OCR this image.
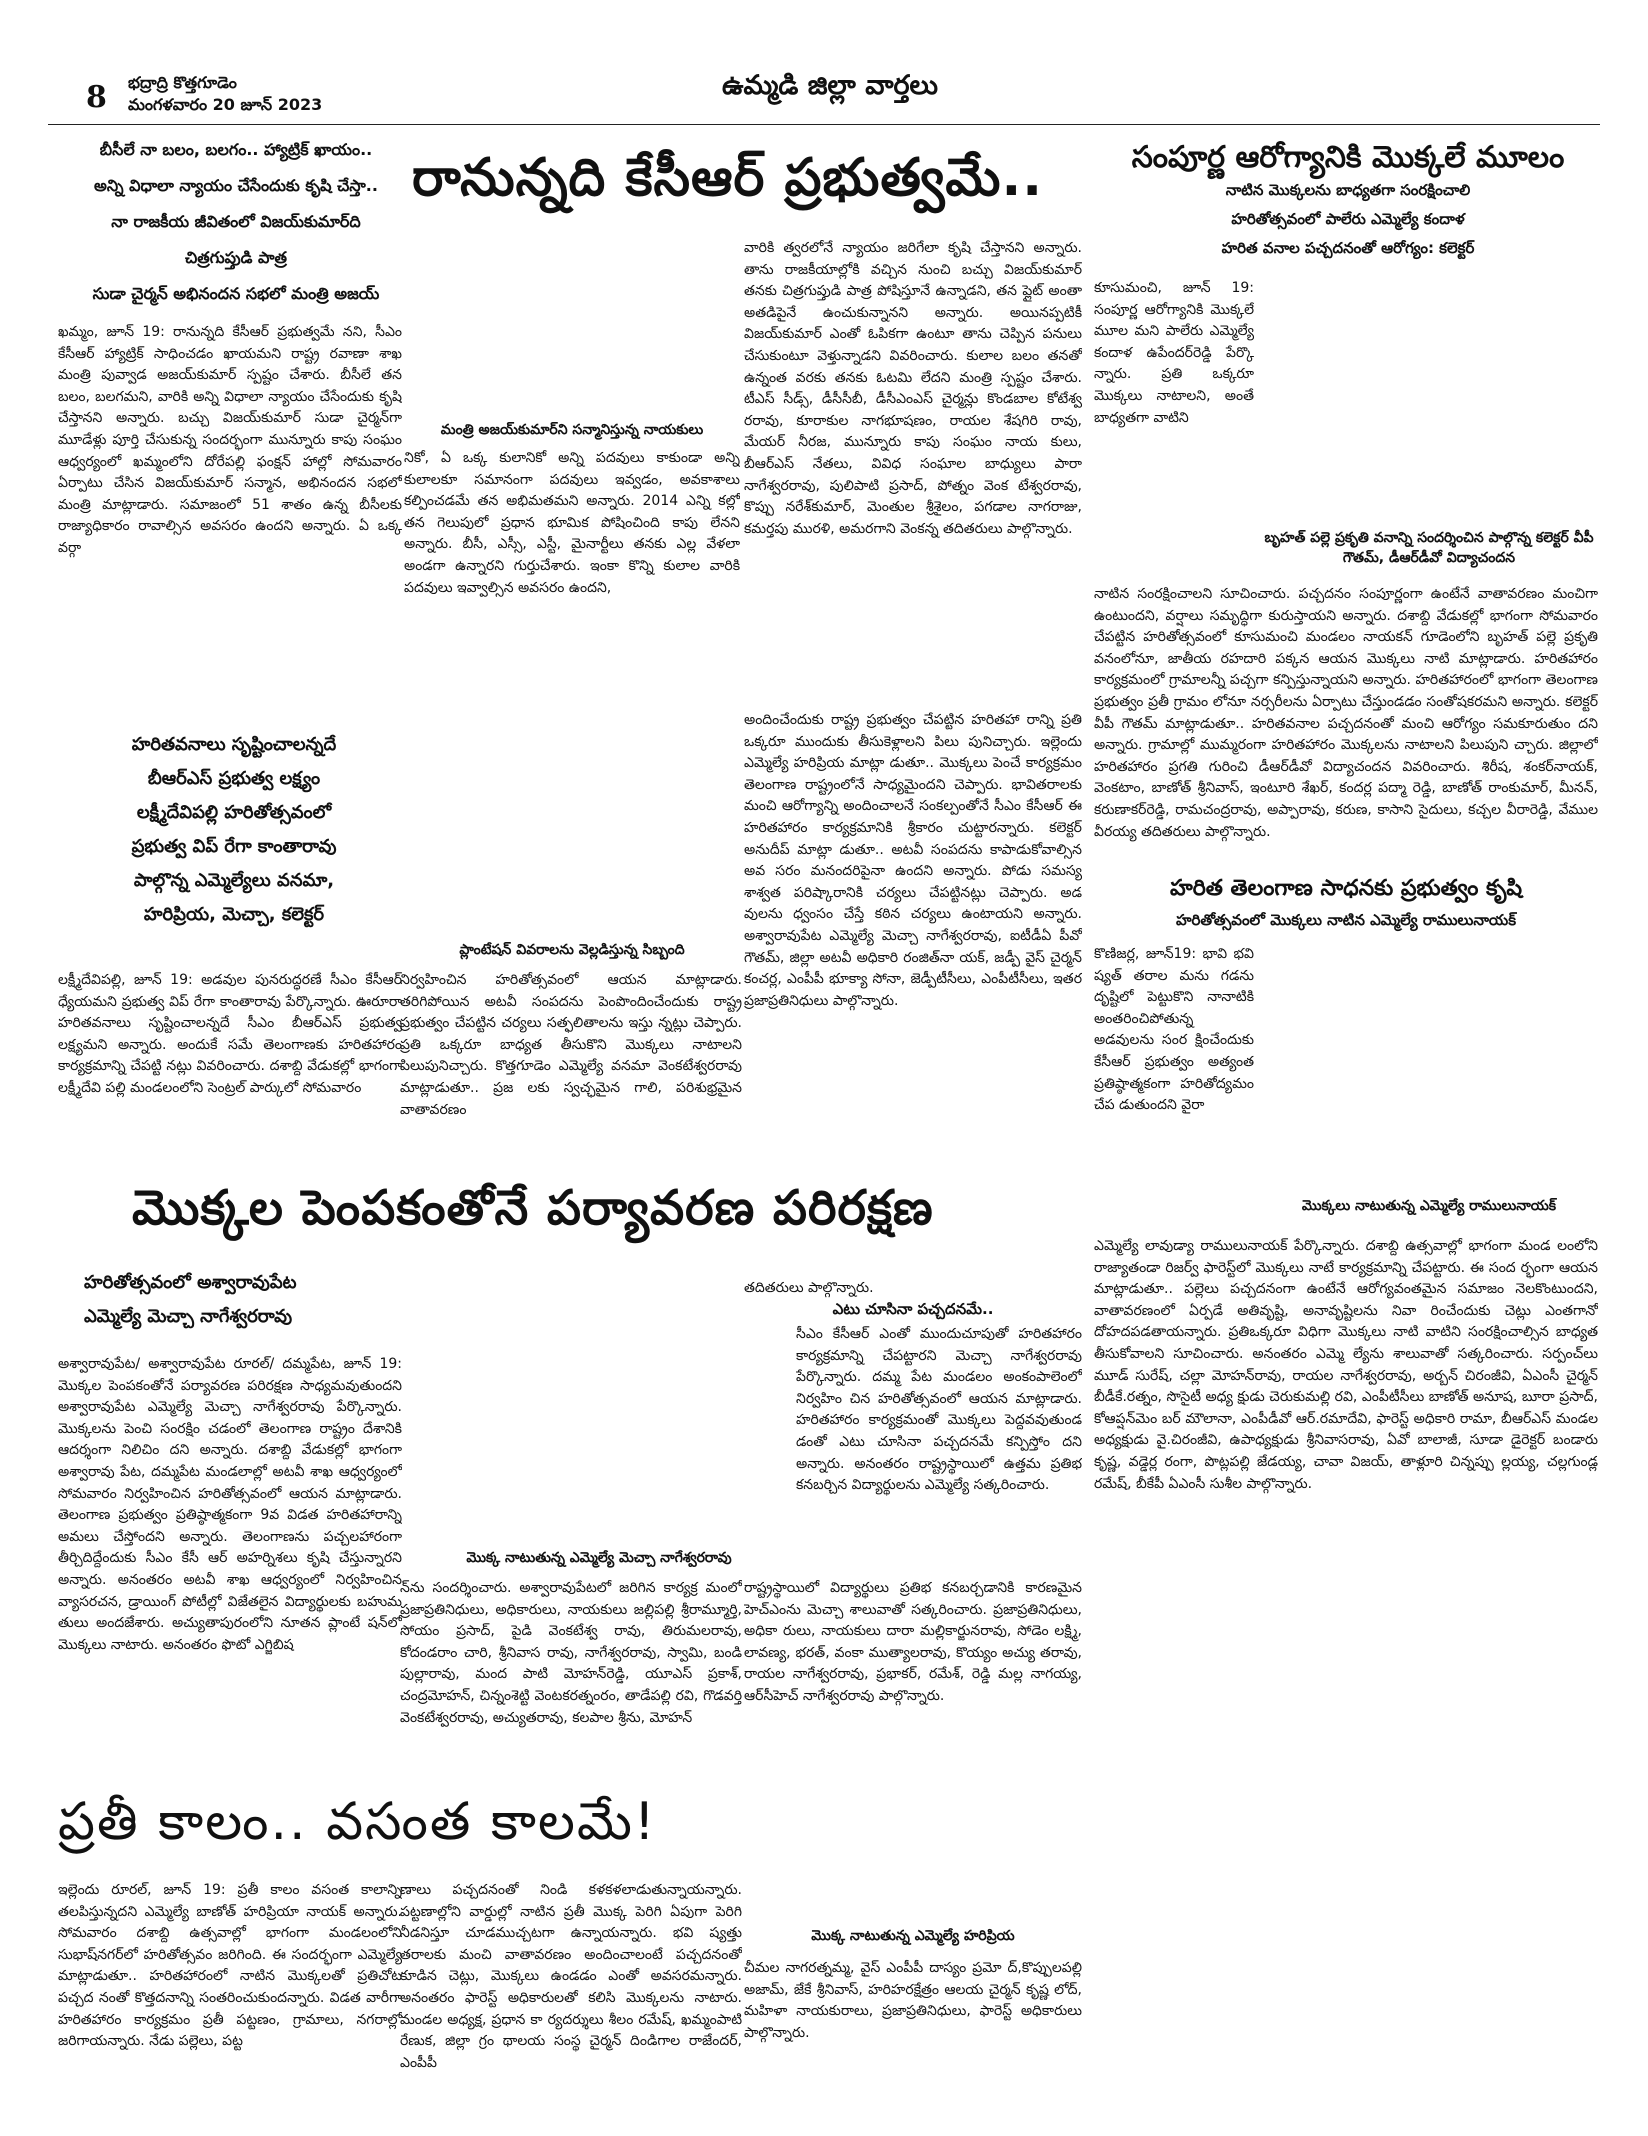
8 భద్రాద్రి కొత్తగూడెం
మంగళవారం 20 జూన్ 2023
ఉమ్మడి జిల్లా వార్తలు

బీసీలే నా బలం, బలగం.. హ్యాట్రిక్ ఖాయం..

అన్ని విధాలా న్యాయం చేసేందుకు కృషి చేస్తా..

నా రాజకీయ జీవితంలో విజయ్‌కుమార్‌ది

చిత్రగుప్తుడి పాత్ర

సుడా చైర్మన్ అభినందన సభలో మంత్రి అజయ్

రానున్నది కేసీఆర్ ప్రభుత్వమే..
ఖమ్మం, జూన్ 19: రానున్నది కేసీఆర్ ప్రభుత్వమే నని, సీఎం కేసీఆర్ హ్యాట్రిక్ సాధించడం ఖాయమని రాష్ట్ర రవాణా శాఖ మంత్రి పువ్వాడ అజయ్‌కుమార్ స్పష్టం చేశారు. బీసీలే తన బలం, బలగమని, వారికి అన్ని విధాలా న్యాయం చేసేందుకు కృషి చేస్తానని అన్నారు. బచ్చు విజయ్‌కుమార్ సుడా చైర్మన్‌గా మూడేళ్లు పూర్తి చేసుకున్న సందర్భంగా మున్నూరు కాపు సంఘం ఆధ్వర్యంలో ఖమ్మంలోని దోరేపల్లి ఫంక్షన్ హాల్లో సోమవారం ఏర్పాటు చేసిన విజయ్‌కుమార్ సన్మాన, అభినందన సభలో మంత్రి మాట్లాడారు. సమాజంలో 51 శాతం ఉన్న బీసీలకు రాజ్యాధికారం రావాల్సిన అవసరం ఉందని అన్నారు. ఏ ఒక్క వర్గా
మంత్రి అజయ్‌కుమార్‌ని సన్మానిస్తున్న నాయకులు
నికో, ఏ ఒక్క కులానికో అన్ని పదవులు కాకుండా అన్ని కులాలకూ సమానంగా పదవులు ఇవ్వడం, అవకాశాలు కల్పించడమే తన అభిమతమని అన్నారు. 2014 ఎన్ని కల్లో తన గెలుపులో ప్రధాన భూమిక పోషించింది కాపు లేనని అన్నారు. బీసీ, ఎస్సీ, ఎస్టీ, మైనార్టీలు తనకు ఎల్ల వేళలా అండగా ఉన్నారని గుర్తుచేశారు. ఇంకా కొన్ని కులాల వారికి పదవులు ఇవ్వాల్సిన అవసరం ఉందని,
వారికి త్వరలోనే న్యాయం జరిగేలా కృషి చేస్తానని అన్నారు. తాను రాజకీయాల్లోకి వచ్చిన నుంచి బచ్చు విజయ్‌కుమార్ తనకు చిత్రగుప్తుడి పాత్ర పోషిస్తూనే ఉన్నాడని, తన ప్లైట్ అంతా అతడిపైనే ఉంచుకున్నానని అన్నారు. అయినప్పటికీ విజయ్‌కుమార్ ఎంతో ఓపికగా ఉంటూ తాను చెప్పిన పనులు చేసుకుంటూ వెళ్తున్నాడని వివరించారు. కులాల బలం తనతో ఉన్నంత వరకు తనకు ఓటమి లేదని మంత్రి స్పష్టం చేశారు. టీఎస్ సీడ్స్, డీసీసీబీ, డీసీఎంఎస్ చైర్మన్లు కొండబాల కోటేశ్వ రరావు, కూరాకుల నాగభూషణం, రాయల శేషగిరి రావు, మేయర్ నీరజ, మున్నూరు కాపు సంఘం నాయ కులు, బీఆర్ఎస్ నేతలు, వివిధ సంఘాల బాధ్యులు పారా నాగేశ్వరరావు, పులిపాటి ప్రసాద్, పోత్నం వెంక టేశ్వరరావు, కొప్పు నరేశ్‌కుమార్, మెంతుల శ్రీశైలం, పగడాల నాగరాజు, కమర్తపు మురళి, అమరగాని వెంకన్న తదితరులు పాల్గొన్నారు.
సంపూర్ణ ఆరోగ్యానికి మొక్కలే మూలం

నాటిన మొక్కలను బాధ్యతగా సంరక్షించాలి

హరితోత్సవంలో పాలేరు ఎమ్మెల్యే కందాళ

హరిత వనాల పచ్చదనంతో ఆరోగ్యం: కలెక్టర్

కూసుమంచి, జూన్ 19: సంపూర్ణ ఆరోగ్యానికి మొక్కలే మూల మని పాలేరు ఎమ్మెల్యే కందాళ ఉపేందర్‌రెడ్డి పేర్కొ న్నారు. ప్రతి ఒక్కరూ మొక్కలు నాటాలని, అంతే బాధ్యతగా వాటిని
బృహత్ పల్లె ప్రకృతి వనాన్ని సందర్శించిన పాల్గొన్న కలెక్టర్ వీపీ గౌతమ్, డీఆర్‌డీవో విద్యాచందన
నాటిన సంరక్షించాలని సూచించారు. పచ్చదనం సంపూర్ణంగా ఉంటేనే వాతావరణం మంచిగా ఉంటుందని, వర్షాలు సమృద్ధిగా కురుస్తాయని అన్నారు. దశాబ్ది వేడుకల్లో భాగంగా సోమవారం చేపట్టిన హరితోత్సవంలో కూసుమంచి మండలం నాయకన్ గూడెంలోని బృహత్ పల్లె ప్రకృతి వనంలోనూ, జాతీయ రహదారి పక్కన ఆయన మొక్కలు నాటి మాట్లాడారు. హరితహారం కార్యక్రమంలో గ్రామాలన్నీ పచ్చగా కన్పిస్తున్నాయని అన్నారు. హరితహారంలో భాగంగా తెలంగాణ ప్రభుత్వం ప్రతీ గ్రామం లోనూ నర్సరీలను ఏర్పాటు చేస్తుండడం సంతోషకరమని అన్నారు. కలెక్టర్ వీపీ గౌతమ్ మాట్లాడుతూ.. హరితవనాల పచ్చదనంతో మంచి ఆరోగ్యం సమకూరుతుం దని అన్నారు. గ్రామాల్లో ముమ్మరంగా హరితహారం మొక్కలను నాటాలని పిలుపుని చ్చారు. జిల్లాలో హరితహారం ప్రగతి గురించి డీఆర్‌డీవో విద్యాచందన వివరించారు. శిరీష, శంకర్‌నాయక్, వెంకటాం, బాణోత్ శ్రీనివాస్, ఇంటూరి శేఖర్, కందర్ల పద్మా రెడ్డి, బాణోత్ రాంకుమార్, మీనన్, కరుణాకర్‌రెడ్డి, రామచంద్రరావు, అప్పారావు, కరుణ, కాసాని సైదులు, కచ్చల వీరారెడ్డి, వేముల వీరయ్య తదితరులు పాల్గొన్నారు.

హరితవనాలు సృష్టించాలన్నదే

బీఆర్ఎస్ ప్రభుత్వ లక్ష్యం

లక్ష్మీదేవిపల్లి హరితోత్సవంలో

ప్రభుత్వ విప్ రేగా కాంతారావు

పాల్గొన్న ఎమ్మెల్యేలు వనమా,

హరిప్రియ, మెచ్చా, కలెక్టర్

లక్ష్మీదేవిపల్లి, జూన్ 19: అడవుల పునరుద్ధరణే సీఎం కేసీఆర్ ధ్యేయమని ప్రభుత్వ విప్ రేగా కాంతారావు పేర్కొన్నారు. ఊరూరా హరితవనాలు సృష్టించాలన్నదే సీఎం బీఆర్ఎస్ ప్రభుత్వ లక్ష్యమని అన్నారు. అందుకే సమే తెలంగాణకు హరితహారం కార్యక్రమాన్ని చేపట్టి నట్లు వివరించారు. దశాబ్ది వేడుకల్లో భాగంగా లక్ష్మీదేవి పల్లి మండలంలోని సెంట్రల్ పార్కులో సోమవారం
ప్లాంటేషన్ వివరాలను వెల్లడిస్తున్న సిబ్బంది
నిర్వహించిన హరితోత్సవంలో ఆయన మాట్లాడారు. తరిగిపోయిన అటవీ సంపదను పెంపొందించేందుకు రాష్ట్ర ప్రభుత్వం చేపట్టిన చర్యలు సత్ఫలితాలను ఇస్తు న్నట్లు చెప్పారు. ప్రతి ఒక్కరూ బాధ్యత తీసుకొని మొక్కలు నాటాలని పిలుపునిచ్చారు. కొత్తగూడెం ఎమ్మెల్యే వనమా వెంకటేశ్వరరావు మాట్లాడుతూ.. ప్రజ లకు స్వచ్ఛమైన గాలి, పరిశుభ్రమైన వాతావరణం
అందించేందుకు రాష్ట్ర ప్రభుత్వం చేపట్టిన హరితహా రాన్ని ప్రతి ఒక్కరూ ముందుకు తీసుకెళ్లాలని పిలు పునిచ్చారు. ఇల్లెందు ఎమ్మెల్యే హరిప్రియ మాట్లా డుతూ.. మొక్కలు పెంచే కార్యక్రమం తెలంగాణ రాష్ట్రంలోనే సాధ్యమైందని చెప్పారు. భావితరాలకు మంచి ఆరోగ్యాన్ని అందించాలనే సంకల్పంతోనే సీఎం కేసీఆర్ ఈ హరితహారం కార్యక్రమానికి శ్రీకారం చుట్టారన్నారు. కలెక్టర్ అనుదీప్ మాట్లా డుతూ.. అటవీ సంపదను కాపాడుకోవాల్సిన అవ సరం మనందరిపైనా ఉందని అన్నారు. పోడు సమస్య శాశ్వత పరిష్కారానికి చర్యలు చేపట్టినట్లు చెప్పారు. అడ వులను ధ్వంసం చేస్తే కఠిన చర్యలు ఉంటాయని అన్నారు. అశ్వారావుపేట ఎమ్మెల్యే మెచ్చా నాగేశ్వరరావు, ఐటీడీఏ పీవో గౌతమ్, జిల్లా అటవీ అధికారి రంజిత్‌నా యక్, జడ్పీ వైస్ చైర్మన్ కంచర్ల, ఎంపీపీ భూక్యా సోనా, జెడ్పీటీసీలు, ఎంపీటీసీలు, ఇతర ప్రజాప్రతినిధులు పాల్గొన్నారు.
హరిత తెలంగాణ సాధనకు ప్రభుత్వం కృషి
హరితోత్సవంలో మొక్కలు నాటిన ఎమ్మెల్యే రాములునాయక్
కొణిజర్ల, జూన్19: భావి భవి ష్యత్ తరాల మను గడను దృష్టిలో పెట్టుకొని నానాటికి అంతరించిపోతున్న అడవులను సంర క్షించేందుకు కేసీఆర్ ప్రభుత్వం అత్యంత ప్రతిష్ఠాత్మకంగా హరితోద్యమం చేప డుతుందని వైరా
మొక్కలు నాటుతున్న ఎమ్మెల్యే రాములునాయక్
ఎమ్మెల్యే లావుడ్యా రాములునాయక్ పేర్కొన్నారు. దశాబ్ది ఉత్సవాల్లో భాగంగా మండ లంలోని రాజ్యాతండా రిజర్వ్ ఫారెస్ట్‌లో మొక్కలు నాటే కార్యక్రమాన్ని చేపట్టారు. ఈ సంద ర్భంగా ఆయన మాట్లాడుతూ.. పల్లెలు పచ్చదనంగా ఉంటేనే ఆరోగ్యవంతమైన సమాజం నెలకొంటుందని, వాతావరణంలో ఏర్పడే అతివృష్టి, అనావృష్టిలను నివా రించేందుకు చెట్లు ఎంతగానో దోహదపడతాయన్నారు. ప్రతిఒక్కరూ విధిగా మొక్కలు నాటి వాటిని సంరక్షించాల్సిన బాధ్యత తీసుకోవాలని సూచించారు. అనంతరం ఎమ్మె ల్యేను శాలువాతో సత్కరించారు. సర్పంచ్‌లు మూడ్ సురేష్, చల్లా మోహన్‌రావు, రాయల నాగేశ్వరరావు, అర్బన్ చిరంజీవి, ఏఎంసీ చైర్మన్ బీడీకే.రత్నం, సొసైటీ అధ్య క్షుడు చెరుకుమల్లి రవి, ఎంపీటీసీలు బాణోత్ అనూష, బూరా ప్రసాద్, కోఆప్షన్‌మెం బర్ మౌలానా, ఎంపీడీవో ఆర్.రమాదేవి, ఫారెస్ట్ అధికారి రామా, బీఆర్ఎస్ మండల అధ్యక్షుడు వై.చిరంజీవి, ఉపాధ్యక్షుడు శ్రీనివాసరావు, ఏవో బాలాజీ, సూడా డైరెక్టర్ బండారు కృష్ణ, వడ్డెర్ల రంగా, పొట్లపల్లి జేడయ్య, చావా విజయ్, తాళ్లూరి చిన్నప్పు ల్లయ్య, చల్లగుండ్ల రమేష్, బీకేపీ ఏఎంసీ సుశీల పాల్గొన్నారు.
మొక్కల పెంపకంతోనే పర్యావరణ పరిరక్షణ

హరితోత్సవంలో అశ్వారావుపేట

ఎమ్మెల్యే మెచ్చా నాగేశ్వరరావు

అశ్వారావుపేట/ అశ్వారావుపేట రూరల్/ దమ్మపేట, జూన్ 19: మొక్కల పెంపకంతోనే పర్యావరణ పరిరక్షణ సాధ్యమవుతుందని అశ్వారావుపేట ఎమ్మెల్యే మెచ్చా నాగేశ్వరరావు పేర్కొన్నారు. మొక్కలను పెంచి సంరక్షిం చడంలో తెలంగాణ రాష్ట్రం దేశానికి ఆదర్శంగా నిలిచిం దని అన్నారు. దశాబ్ది వేడుకల్లో భాగంగా అశ్వారావు పేట, దమ్మపేట మండలాల్లో అటవీ శాఖ ఆధ్వర్యంలో సోమవారం నిర్వహించిన హరితోత్సవంలో ఆయన మాట్లాడారు. తెలంగాణ ప్రభుత్వం ప్రతిష్ఠాత్మకంగా 9వ విడత హరితహారాన్ని అమలు చేస్తోందని అన్నారు. తెలంగాణను పచ్చలహారంగా తీర్చిదిద్దేందుకు సీఎం కేసీ ఆర్ అహర్నిశలు కృషి చేస్తున్నారని అన్నారు. అనంతరం అటవీ శాఖ ఆధ్వర్యంలో నిర్వహించిన వ్యాసరచన, డ్రాయింగ్ పోటీల్లో విజేతలైన విద్యార్థులకు బహుమ తులు అందజేశారు. అచ్యుతాపురంలోని నూతన ప్లాంటే షన్‌లో మొక్కలు నాటారు. అనంతరం ఫొటో ఎగ్జిబిష
మొక్క నాటుతున్న ఎమ్మెల్యే మెచ్చా నాగేశ్వరరావు
తదితరులు పాల్గొన్నారు.
ఎటు చూసినా పచ్చదనమే..
సీఎం కేసీఆర్ ఎంతో ముందుచూపుతో హరితహారం కార్యక్రమాన్ని చేపట్టారని మెచ్చా నాగేశ్వరరావు పేర్కొన్నారు. దమ్మ పేట మండలం అంకంపాలెంలో నిర్వహిం చిన హరితోత్సవంలో ఆయన మాట్లాడారు. హరితహారం కార్యక్రమంతో మొక్కలు పెద్దవవుతుండ డంతో ఎటు చూసినా పచ్చదనమే కన్పిస్తోం దని అన్నారు. అనంతరం రాష్ట్రస్థాయిలో ఉత్తమ ప్రతిభ కనబర్చిన విద్యార్థులను ఎమ్మెల్యే సత్కరించారు.
న్‌ను సందర్శించారు. అశ్వారావుపేటలో జరిగిన కార్యక్ర మంలో ప్రజాప్రతినిధులు, అధికారులు, నాయకులు జల్లిపల్లి శ్రీరామ్మూర్తి, సోయం ప్రసాద్, పైడి వెంకటేశ్వ రావు, తిరుమలరావు, కోదండరాం చారి, శ్రీనివాస రావు, నాగేశ్వరరావు, స్వామి, బండి పుల్లారావు, మంద పాటి మోహన్‌రెడ్డి, యూఎస్ ప్రకాశ్, చంద్రమోహన్, చిన్నంశెట్టి వెంటకరత్నంరం, తాడేపల్లి రవి, గొడవర్తి వెంకటేశ్వరరావు, అచ్యుతరావు, కలపాల శ్రీను, మోహన్
రాష్ట్రస్థాయిలో విద్యార్థులు ప్రతిభ కనబర్చడానికి కారణమైన హెచ్ఎంను మెచ్చా శాలువాతో సత్కరించారు. ప్రజాప్రతినిధులు, అధికా రులు, నాయకులు దారా మల్లికార్జునరావు, సోడెం లక్ష్మి, లావణ్య, భరత్, వంకా ముత్యాలరావు, కొయ్యం అచ్యు తరావు, రాయల నాగేశ్వరరావు, ప్రభాకర్, రమేశ్, రెడ్డి మల్ల నాగయ్య, ఆర్‌సీహెచ్ నాగేశ్వరరావు పాల్గొన్నారు.
ప్రతీ కాలం.. వసంత కాలమే!
ఇల్లెందు రూరల్, జూన్ 19: ప్రతీ కాలం వసంత కాలాన్ని తలపిస్తున్నదని ఎమ్మెల్యే బాణోత్ హరిప్రియా నాయక్ అన్నారు. సోమవారం దశాబ్ది ఉత్సవాల్లో భాగంగా మండలంలోని సుభాష్‌నగర్‌లో హరితోత్సవం జరిగింది. ఈ సందర్భంగా ఎమ్మెల్యే మాట్లాడుతూ.. హరితహారంలో నాటిన మొక్కలతో ప్రతిచోట పచ్చద నంతో కొత్తదనాన్ని సంతరించుకుందన్నారు. విడత వారీగా హరితహారం కార్యక్రమం ప్రతీ పట్టణం, గ్రామాలు, నగరాల్లో జరిగాయన్నారు. నేడు పల్లెలు, పట్ట
ణాలు పచ్చదనంతో నిండి కళకళలాడుతున్నాయన్నారు. పట్టణాల్లోని వార్డుల్లో నాటిన ప్రతీ మొక్క పెరిగి ఏపుగా పెరిగి నీడనిస్తూ చూడముచ్చటగా ఉన్నాయన్నారు. భవి ష్యత్తు తరాలకు మంచి వాతావరణం అందించాలంటే పచ్చదనంతో కూడిన చెట్లు, మొక్కలు ఉండడం ఎంతో అవసరమన్నారు. అనంతరం ఫారెస్ట్ అధికారులతో కలిసి మొక్కలను నాటారు. మండల అధ్యక్ష, ప్రధాన కా ర్యదర్శులు శీలం రమేష్, ఖమ్మంపాటి రేణుక, జిల్లా గ్రం థాలయ సంస్థ చైర్మన్ దిండిగాల రాజేందర్, ఎంపీపీ
మొక్క నాటుతున్న ఎమ్మెల్యే హరిప్రియ
చీమల నాగరత్నమ్మ, వైస్ ఎంపీపీ దాస్యం ప్రమో ద్,కొప్పులపల్లి అజామ్, జేకే శ్రీనివాస్, హరిహరక్షేత్రం ఆలయ చైర్మన్ కృష్ణ లోద్, మహిళా నాయకురాలు, ప్రజాప్రతినిధులు, ఫారెస్ట్ అధికారులు పాల్గొన్నారు.
